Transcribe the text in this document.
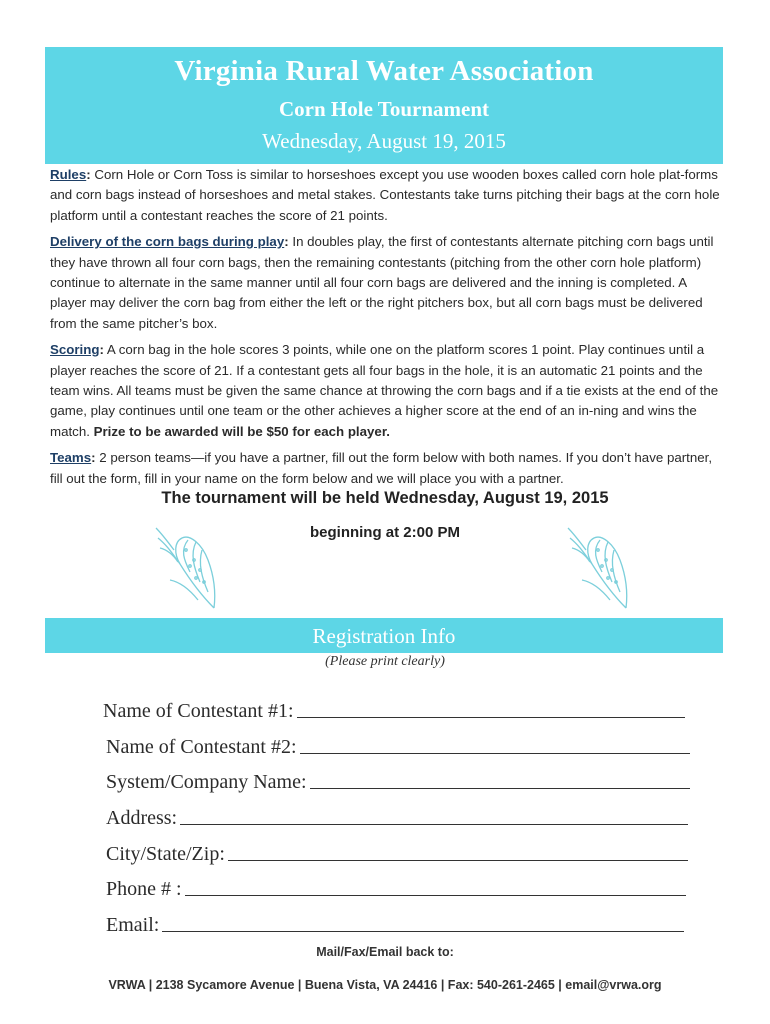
Virginia Rural Water Association
Corn Hole Tournament
Wednesday, August 19, 2015

Rules: Corn Hole or Corn Toss is similar to horseshoes except you use wooden boxes called corn hole plat-forms and corn bags instead of horseshoes and metal stakes. Contestants take turns pitching their bags at the corn hole platform until a contestant reaches the score of 21 points.

Delivery of the corn bags during play: In doubles play, the first of contestants alternate pitching corn bags until they have thrown all four corn bags, then the remaining contestants (pitching from the other corn hole platform) continue to alternate in the same manner until all four corn bags are delivered and the inning is completed. A player may deliver the corn bag from either the left or the right pitchers box, but all corn bags must be delivered from the same pitcher’s box.

Scoring: A corn bag in the hole scores 3 points, while one on the platform scores 1 point. Play continues until a player reaches the score of 21. If a contestant gets all four bags in the hole, it is an automatic 21 points and the team wins. All teams must be given the same chance at throwing the corn bags and if a tie exists at the end of the game, play continues until one team or the other achieves a higher score at the end of an in-ning and wins the match. Prize to be awarded will be $50 for each player.

Teams: 2 person teams—if you have a partner, fill out the form below with both names. If you don’t have partner, fill out the form, fill in your name on the form below and we will place you with a partner.

The tournament will be held Wednesday, August 19, 2015
beginning at 2:00 PM
Registration Info
(Please print clearly)
Name of Contestant #1:
Name of Contestant #2:
System/Company Name:
Address:
City/State/Zip:
Phone # :
Email:
Mail/Fax/Email back to:
VRWA | 2138 Sycamore Avenue | Buena Vista, VA 24416 | Fax: 540-261-2465 | email@vrwa.org
